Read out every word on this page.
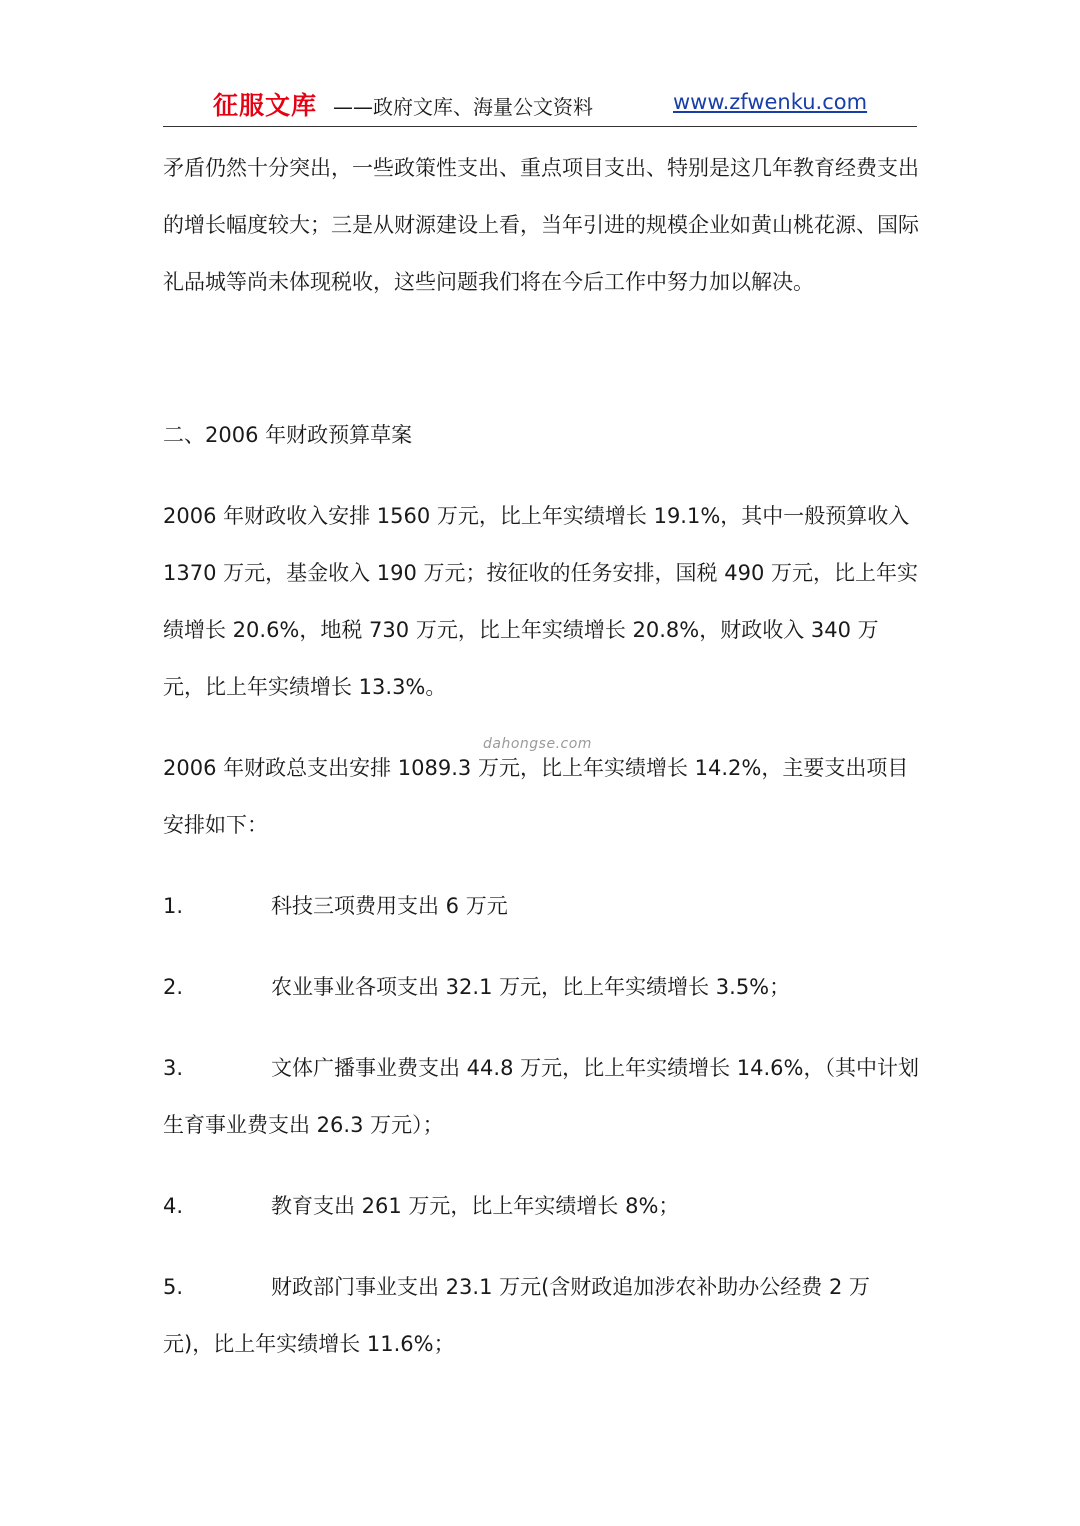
征服文库 ——政府文库、海量公文资料	www.zfwenku.com
dahongse.com

矛盾仍然十分突出，一些政策性支出、重点项目支出、特别是这几年教育经费支出的增长幅度较大；三是从财源建设上看，当年引进的规模企业如黄山桃花源、国际礼品城等尚未体现税收，这些问题我们将在今后工作中努力加以解决。

二、2006 年财政预算草案

2006 年财政收入安排 1560 万元，比上年实绩增长 19.1%，其中一般预算收入 1370 万元，基金收入 190 万元；按征收的任务安排，国税 490 万元，比上年实绩增长 20.6%，地税 730 万元，比上年实绩增长 20.8%，财政收入 340 万元，比上年实绩增长 13.3%。

2006 年财政总支出安排 1089.3 万元，比上年实绩增长 14.2%，主要支出项目安排如下：

1.	科技三项费用支出 6 万元

2.	农业事业各项支出 32.1 万元，比上年实绩增长 3.5%；

3.	文体广播事业费支出 44.8 万元，比上年实绩增长 14.6%，（其中计划生育事业费支出 26.3 万元）；

4.	教育支出 261 万元，比上年实绩增长 8%；

5.	财政部门事业支出 23.1 万元(含财政追加涉农补助办公经费 2 万元)，比上年实绩增长 11.6%；
